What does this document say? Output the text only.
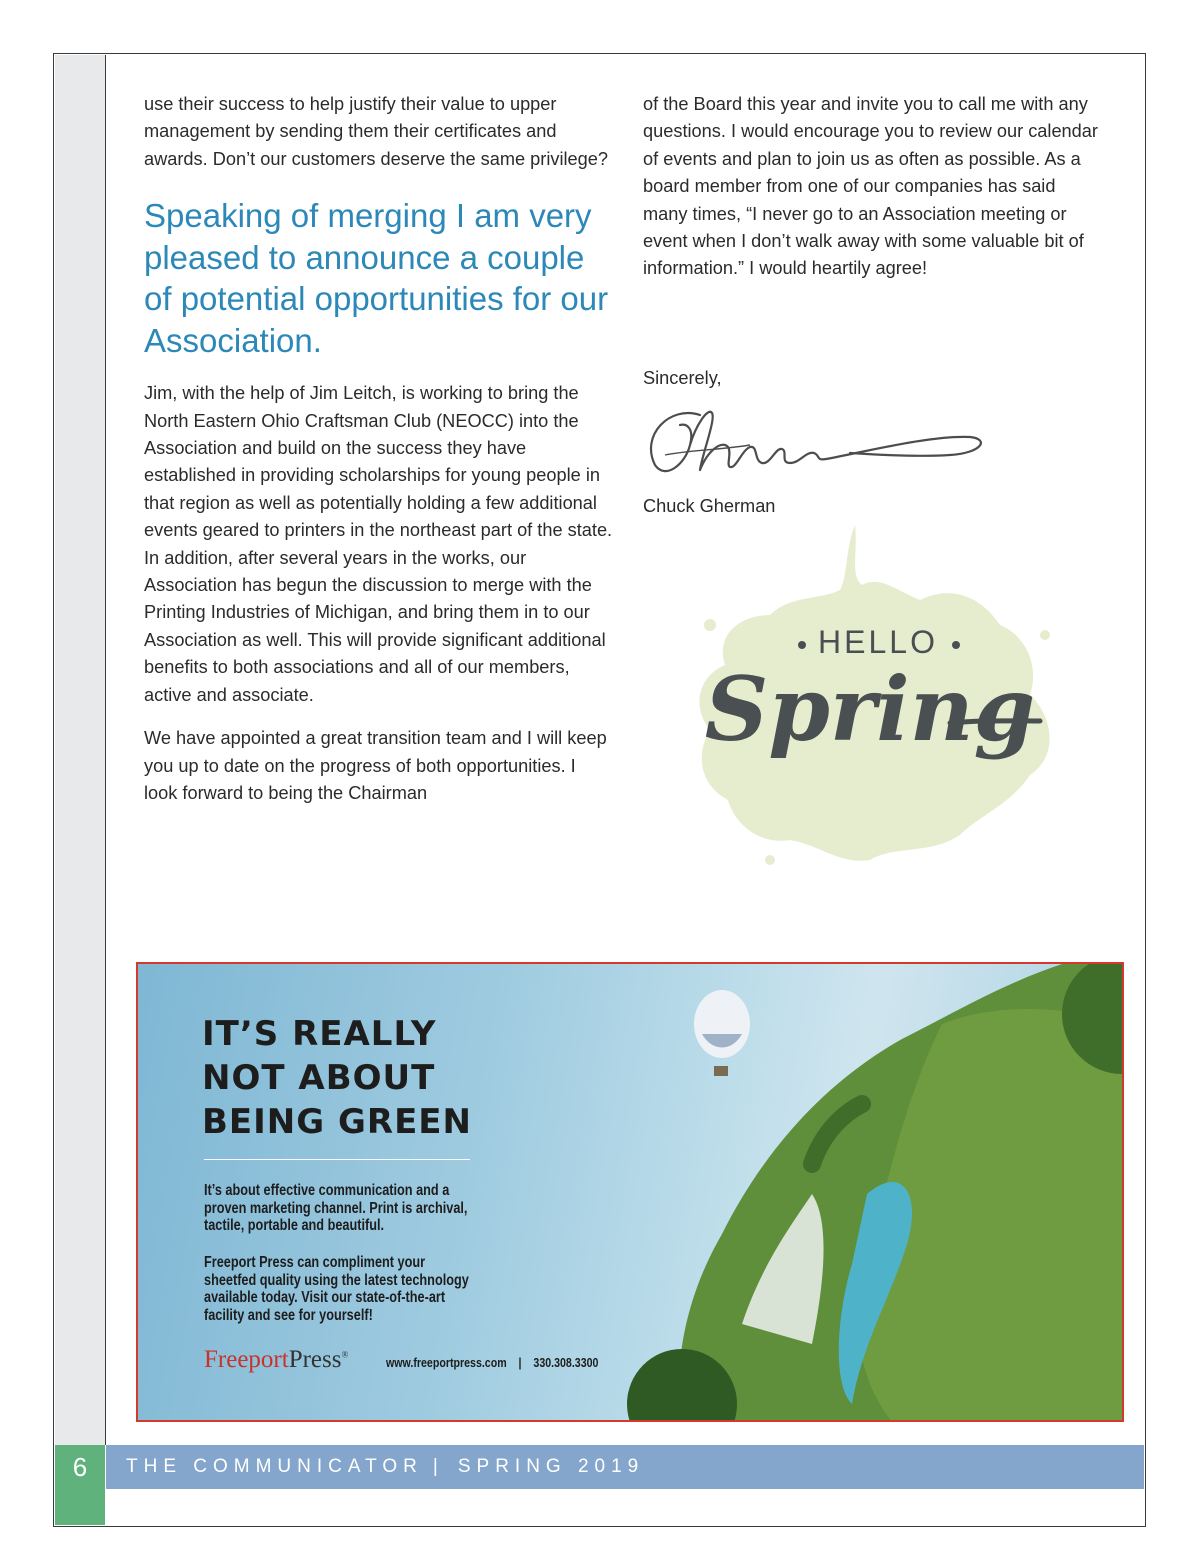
use their success to help justify their value to upper management by sending them their certificates and awards. Don’t our customers deserve the same privilege?

Speaking of merging I am very pleased to announce a couple of potential opportunities for our Association.

Jim, with the help of Jim Leitch, is working to bring the North Eastern Ohio Craftsman Club (NEOCC) into the Association and build on the success they have established in providing scholarships for young people in that region as well as potentially holding a few additional events geared to printers in the northeast part of the state. In addition, after several years in the works, our Association has begun the discussion to merge with the Printing Industries of Michigan, and bring them in to our Association as well. This will provide significant additional benefits to both associations and all of our members, active and associate.

We have appointed a great transition team and I will keep you up to date on the progress of both opportunities. I look forward to being the Chairman

of the Board this year and invite you to call me with any questions. I would encourage you to review our calendar of events and plan to join us as often as possible. As a board member from one of our companies has said many times, “I never go to an Association meeting or event when I don’t walk away with some valuable bit of information.” I would heartily agree!

Sincerely,
Chuck Gherman
HELLO
Spring
IT’S REALLY
NOT ABOUT
BEING GREEN
It’s about effective communication and a proven marketing channel. Print is archival, tactile, portable and beautiful.
Freeport Press can compliment your sheetfed quality using the latest technology available today. Visit our state-of-the-art facility and see for yourself!
FreeportPress®
www.freeportpress.com | 330.308.3300
6	THE COMMUNICATOR | SPRING 2019
